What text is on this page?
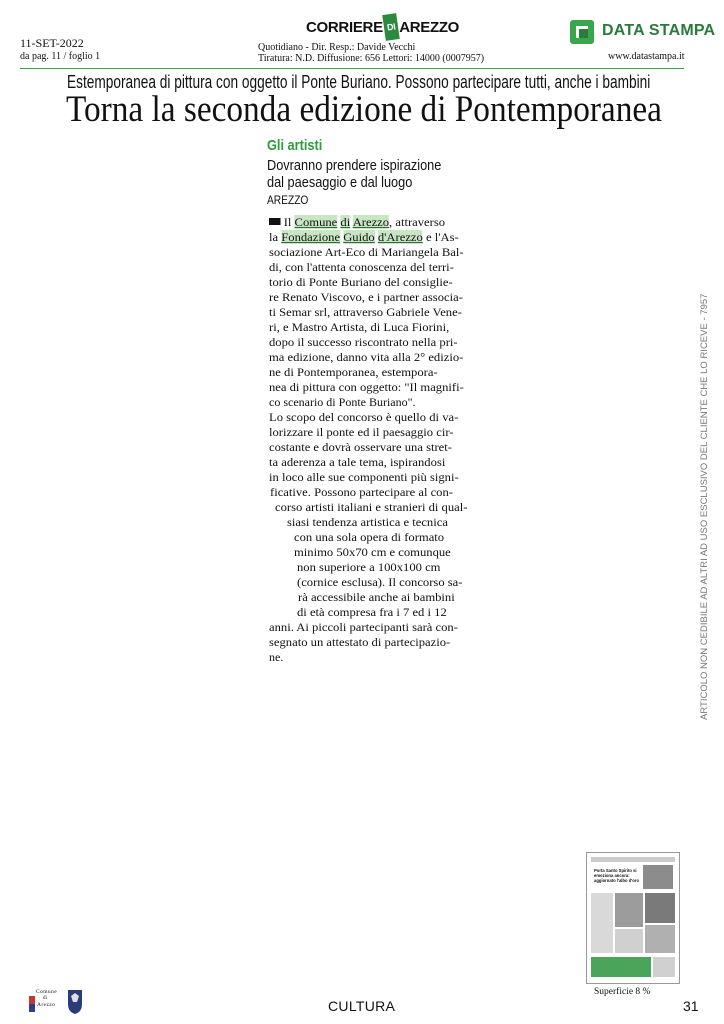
11-SET-2022
da pag. 11 / foglio 1
CORRIERE DI AREZZO
Quotidiano - Dir. Resp.: Davide Vecchi
Tiratura: N.D. Diffusione: 656 Lettori: 14000 (0007957)
DATA STAMPA
www.datastampa.it
Estemporanea di pittura con oggetto il Ponte Buriano. Possono partecipare tutti, anche i bambini
Torna la seconda edizione di Pontemporanea
Gli artisti
Dovranno prendere ispirazione
dal paesaggio e dal luogo
AREZZO
Il Comune di Arezzo, attraverso
la Fondazione Guido d'Arezzo e l'As-
sociazione Art-Eco di Mariangela Bal-
di, con l'attenta conoscenza del terri-
torio di Ponte Buriano del consiglie-
re Renato Viscovo, e i partner associa-
ti Semar srl, attraverso Gabriele Vene-
ri, e Mastro Artista, di Luca Fiorini,
dopo il successo riscontrato nella pri-
ma edizione, danno vita alla 2° edizio-
ne di Pontemporanea, estempora-
nea di pittura con oggetto: "Il magnifi-
co scenario di Ponte Buriano".
Lo scopo del concorso è quello di va-
lorizzare il ponte ed il paesaggio cir-
costante e dovrà osservare una stret-
ta aderenza a tale tema, ispirandosi
in loco alle sue componenti più signi-
ficative. Possono partecipare al con-
corso artisti italiani e stranieri di qual-
siasi tendenza artistica e tecnica
con una sola opera di formato
minimo 50x70 cm e comunque
non superiore a 100x100 cm
(cornice esclusa). Il concorso sa-
rà accessibile anche ai bambini
di età compresa fra i 7 ed i 12
anni. Ai piccoli partecipanti sarà con-
segnato un attestato di partecipazio-
ne.	ARTICOLO NON CEDIBILE AD ALTRI AD USO ESCLUSIVO DEL CLIENTE CHE LO RICEVE - 7957
Porta Santo Spirito si emoziona ancora: aggiornato l'albo d'oro
Superficie 8 %
Comune
di
Arezzo	CULTURA	31
